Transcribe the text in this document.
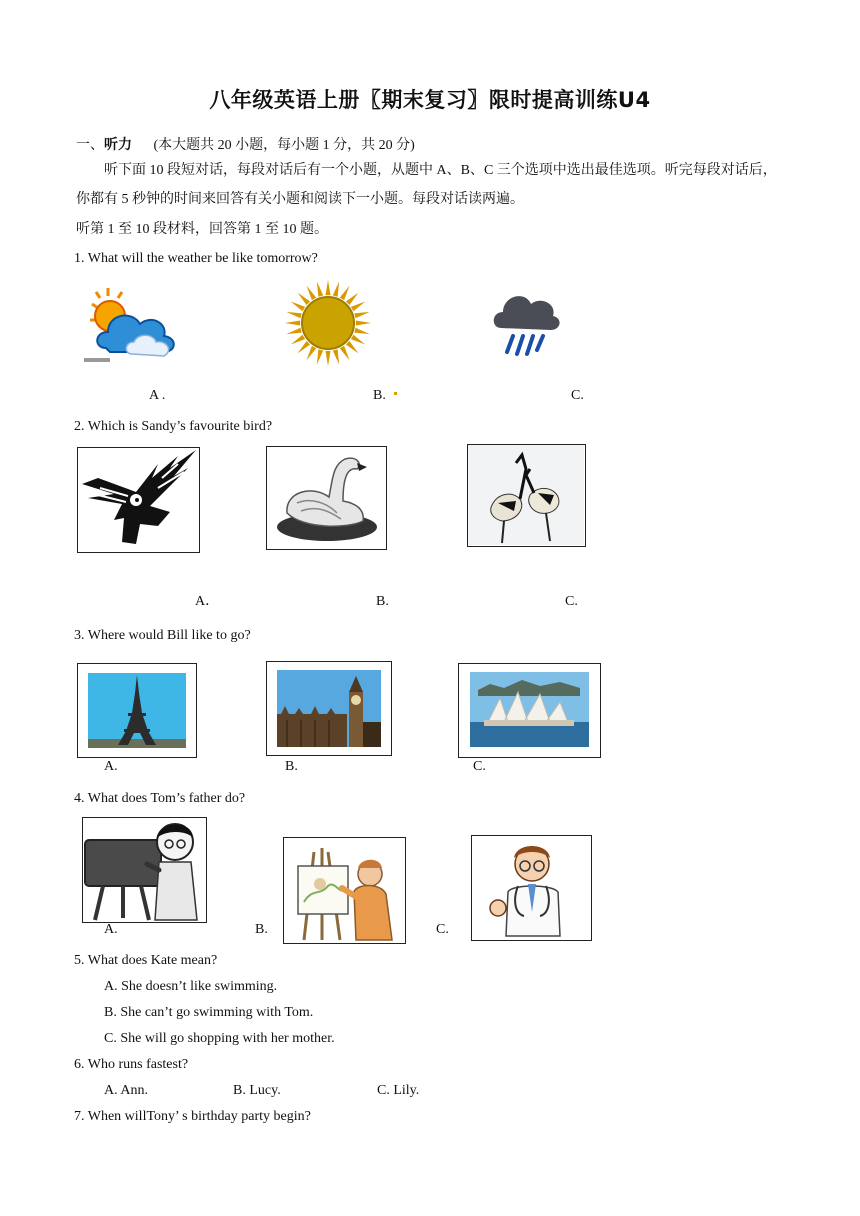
八年级英语上册〖期末复习〗限时提高训练U4
一、听力 (本大题共 20 小题，每小题 1 分，共 20 分)
听下面 10 段短对话，每段对话后有一个小题，从题中 A、B、C 三个选项中选出最佳选项。听完每段对话后，你都有 5 秒钟的时间来回答有关小题和阅读下一小题。每段对话读两遍。
听第 1 至 10 段材料，回答第 1 至 10 题。
1. What will the weather be like tomorrow?
A .	B.	C.
2. Which is Sandy’s favourite bird?
A．	B.	C.
3. Where would Bill like to go?
A.	B.	C.
4. What does Tom’s father do?
A.	B.	C.
5. What does Kate mean?
A. She doesn’t like swimming.
B. She can’t go swimming with Tom.
C. She will go shopping with her mother.
6. Who runs fastest?
A. Ann.	B. Lucy.	C. Lily.
7. When willTony’ s birthday party begin?
